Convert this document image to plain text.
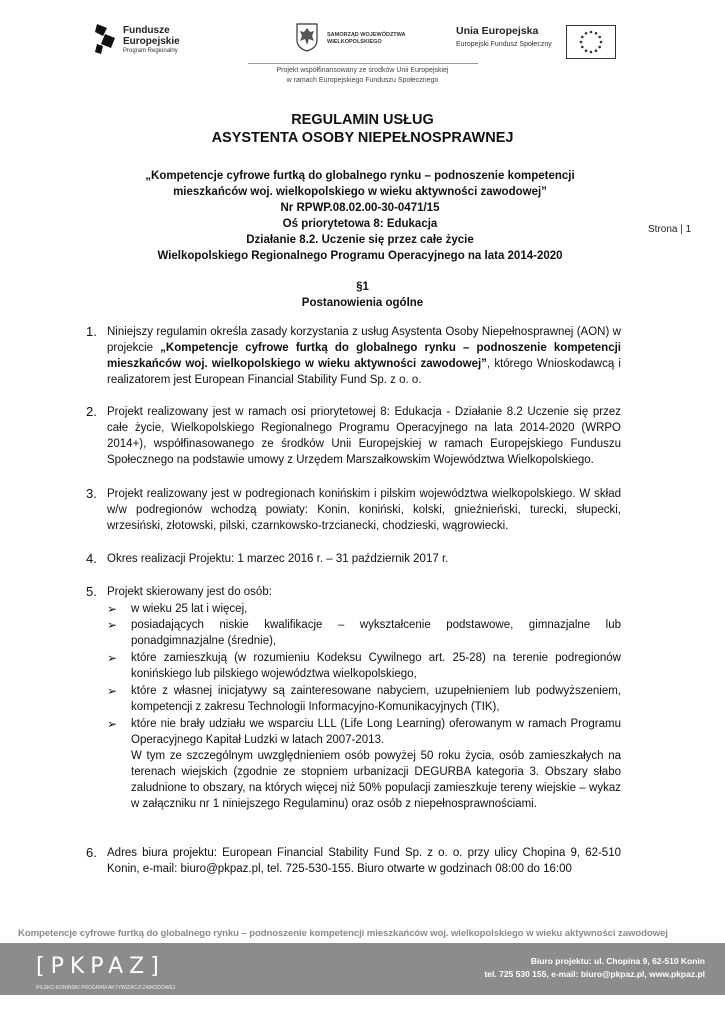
Fundusze
Europejskie
Program Regionalny
SAMORZĄD WOJEWÓDZTWA
WIELKOPOLSKIEGO
Unia Europejska
Europejski Fundusz Społeczny
Projekt współfinansowany ze środków Unii Europejskiej
w ramach Europejskiego Funduszu Społecznego
REGULAMIN USŁUG
ASYSTENTA OSOBY NIEPEŁNOSPRAWNEJ
„Kompetencje cyfrowe furtką do globalnego rynku – podnoszenie kompetencji
mieszkańców woj. wielkopolskiego w wieku aktywności zawodowej”
Nr RPWP.08.02.00-30-0471/15
Oś priorytetowa 8: Edukacja
Działanie 8.2. Uczenie się przez całe życie
Wielkopolskiego Regionalnego Programu Operacyjnego na lata 2014-2020
Strona | 1
§1
Postanowienia ogólne
1. Niniejszy regulamin określa zasady korzystania z usług Asystenta Osoby Niepełnosprawnej (AON) w projekcie „Kompetencje cyfrowe furtką do globalnego rynku – podnoszenie kompetencji mieszkańców woj. wielkopolskiego w wieku aktywności zawodowej”, którego Wnioskodawcą i realizatorem jest European Financial Stability Fund Sp. z o. o.
2. Projekt realizowany jest w ramach osi priorytetowej 8: Edukacja - Działanie 8.2 Uczenie się przez całe życie, Wielkopolskiego Regionalnego Programu Operacyjnego na lata 2014-2020 (WRPO 2014+), współfinasowanego ze środków Unii Europejskiej w ramach Europejskiego Funduszu Społecznego na podstawie umowy z Urzędem Marszałkowskim Województwa Wielkopolskiego.
3. Projekt realizowany jest w podregionach konińskim i pilskim województwa wielkopolskiego. W skład w/w podregionów wchodzą powiaty: Konin, koniński, kolski, gnieźnieński, turecki, słupecki, wrzesiński, złotowski, pilski, czarnkowsko-trzcianecki, chodzieski, wągrowiecki.
4. Okres realizacji Projektu: 1 marzec 2016 r. – 31 październik 2017 r.
5. Projekt skierowany jest do osób:
➢ w wieku 25 lat i więcej,
➢ posiadających niskie kwalifikacje – wykształcenie podstawowe, gimnazjalne lub ponadgimnazjalne (średnie),
➢ które zamieszkują (w rozumieniu Kodeksu Cywilnego art. 25-28) na terenie podregionów konińskiego lub pilskiego województwa wielkopolskiego,
➢ które z własnej inicjatywy są zainteresowane nabyciem, uzupełnieniem lub podwyższeniem, kompetencji z zakresu Technologii Informacyjno-Komunikacyjnych (TIK),
➢ które nie brały udziału we wsparciu LLL (Life Long Learning) oferowanym w ramach Programu Operacyjnego Kapitał Ludzki w latach 2007-2013.
W tym ze szczególnym uwzględnieniem osób powyżej 50 roku życia, osób zamieszkałych na terenach wiejskich (zgodnie ze stopniem urbanizacji DEGURBA kategoria 3. Obszary słabo zaludnione to obszary, na których więcej niż 50% populacji zamieszkuje tereny wiejskie – wykaz w załączniku nr 1 niniejszego Regulaminu) oraz osób z niepełnosprawnościami.
6. Adres biura projektu: European Financial Stability Fund Sp. z o. o. przy ulicy Chopina 9, 62-510 Konin, e-mail: biuro@pkpaz.pl, tel. 725-530-155. Biuro otwarte w godzinach 08:00 do 16:00
Kompetencje cyfrowe furtką do globalnego rynku – podnoszenie kompetencji mieszkańców woj. wielkopolskiego w wieku aktywności zawodowej
[PKPAZ]
PILSKO-KONIŃSKI PROGRAM AKTYWIZACJI ZAWODOWEJ
Biuro projektu: ul. Chopina 9, 62-510 Konin
tel. 725 530 155, e-mail: biuro@pkpaz.pl, www.pkpaz.pl
